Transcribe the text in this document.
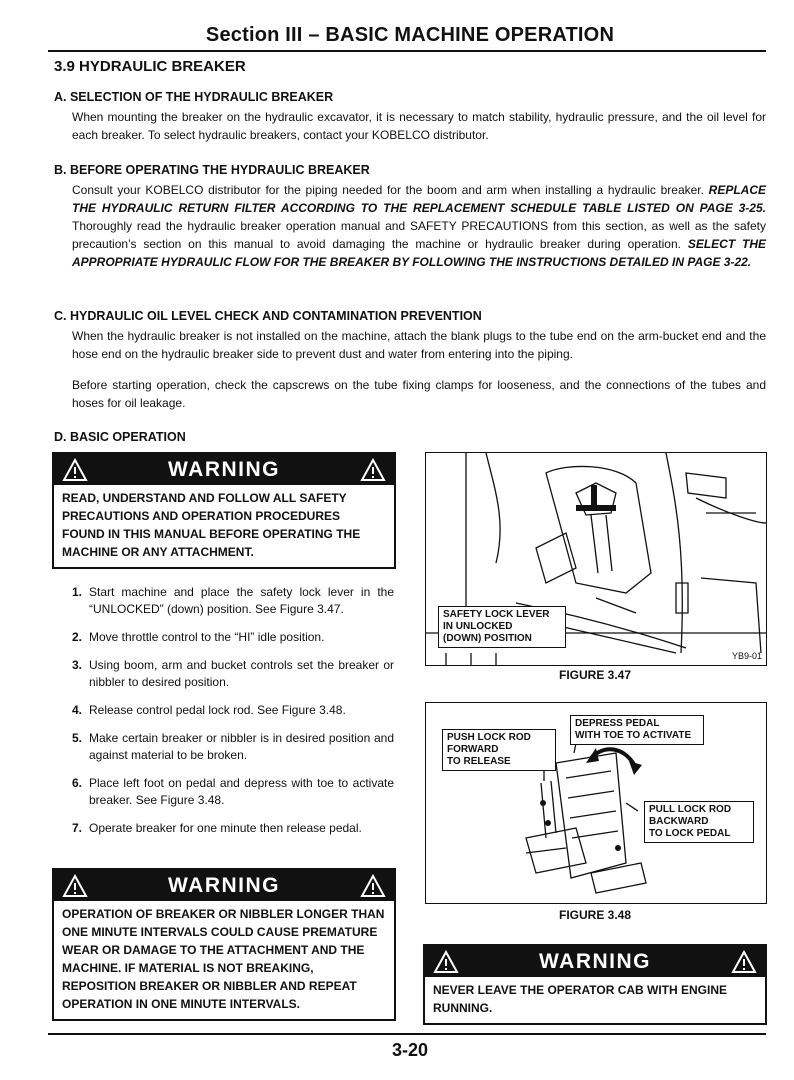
Section III – BASIC MACHINE OPERATION
3.9 HYDRAULIC BREAKER
A. SELECTION OF THE HYDRAULIC BREAKER
When mounting the breaker on the hydraulic excavator, it is necessary to match stability, hydraulic pressure, and the oil level for each breaker. To select hydraulic breakers, contact your KOBELCO distributor.
B. BEFORE OPERATING THE HYDRAULIC BREAKER
Consult your KOBELCO distributor for the piping needed for the boom and arm when installing a hydraulic breaker. REPLACE THE HYDRAULIC RETURN FILTER ACCORDING TO THE REPLACEMENT SCHEDULE TABLE LISTED ON PAGE 3-25. Thoroughly read the hydraulic breaker operation manual and SAFETY PRECAUTIONS from this section, as well as the safety precaution’s section on this manual to avoid damaging the machine or hydraulic breaker during operation. SELECT THE APPROPRIATE HYDRAULIC FLOW FOR THE BREAKER BY FOLLOWING THE INSTRUCTIONS DETAILED IN PAGE 3-22.
C. HYDRAULIC OIL LEVEL CHECK AND CONTAMINATION PREVENTION
When the hydraulic breaker is not installed on the machine, attach the blank plugs to the tube end on the arm-bucket end and the hose end on the hydraulic breaker side to prevent dust and water from entering into the piping.
Before starting operation, check the capscrews on the tube fixing clamps for looseness, and the connections of the tubes and hoses for oil leakage.
D. BASIC OPERATION
WARNING
READ, UNDERSTAND AND FOLLOW ALL SAFETY PRECAUTIONS AND OPERATION PROCEDURES FOUND IN THIS MANUAL BEFORE OPERATING THE MACHINE OR ANY ATTACHMENT.
1. Start machine and place the safety lock lever in the “UNLOCKED” (down) position. See Figure 3.47.
2. Move throttle control to the “HI” idle position.
3. Using boom, arm and bucket controls set the breaker or nibbler to desired position.
4. Release control pedal lock rod. See Figure 3.48.
5. Make certain breaker or nibbler is in desired position and against material to be broken.
6. Place left foot on pedal and depress with toe to activate breaker. See Figure 3.48.
7. Operate breaker for one minute then release pedal.
WARNING
OPERATION OF BREAKER OR NIBBLER LONGER THAN ONE MINUTE INTERVALS COULD CAUSE PREMATURE WEAR OR DAMAGE TO THE ATTACHMENT AND THE MACHINE. IF MATERIAL IS NOT BREAKING, REPOSITION BREAKER OR NIBBLER AND REPEAT OPERATION IN ONE MINUTE INTERVALS.
SAFETY LOCK LEVER
IN UNLOCKED
(DOWN) POSITION
YB9-01
FIGURE 3.47
PUSH LOCK ROD
FORWARD
TO RELEASE
DEPRESS PEDAL
WITH TOE TO ACTIVATE
PULL LOCK ROD
BACKWARD
TO LOCK PEDAL
FIGURE 3.48
WARNING
NEVER LEAVE THE OPERATOR CAB WITH ENGINE RUNNING.
3-20
